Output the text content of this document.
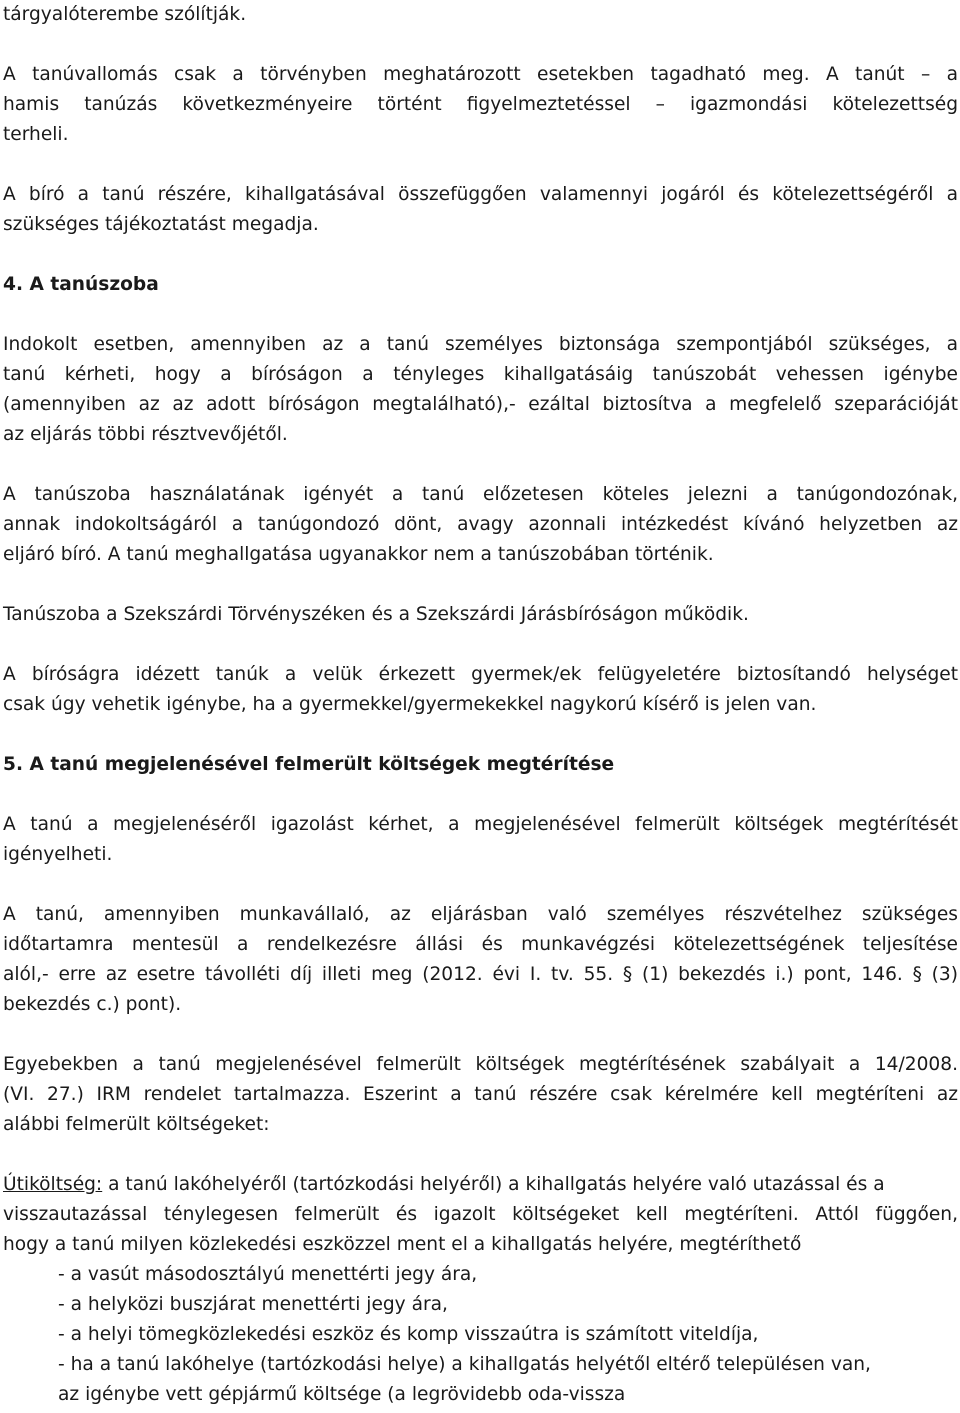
tárgyalóterembe szólítják.
A tanúvallomás csak a törvényben meghatározott esetekben tagadható meg. A tanút – a
hamis tanúzás következményeire történt figyelmeztetéssel – igazmondási kötelezettség
terheli.
A bíró a tanú részére, kihallgatásával összefüggően valamennyi jogáról és kötelezettségéről a
szükséges tájékoztatást megadja.
4. A tanúszoba
Indokolt esetben, amennyiben az a tanú személyes biztonsága szempontjából szükséges, a
tanú kérheti, hogy a bíróságon a tényleges kihallgatásáig tanúszobát vehessen igénybe
(amennyiben az az adott bíróságon megtalálható),- ezáltal biztosítva a megfelelő szeparációját
az eljárás többi résztvevőjétől.
A tanúszoba használatának igényét a tanú előzetesen köteles jelezni a tanúgondozónak,
annak indokoltságáról a tanúgondozó dönt, avagy azonnali intézkedést kívánó helyzetben az
eljáró bíró. A tanú meghallgatása ugyanakkor nem a tanúszobában történik.
Tanúszoba a Szekszárdi Törvényszéken és a Szekszárdi Járásbíróságon működik.
A bíróságra idézett tanúk a velük érkezett gyermek/ek felügyeletére biztosítandó helységet
csak úgy vehetik igénybe, ha a gyermekkel/gyermekekkel nagykorú kísérő is jelen van.
5. A tanú megjelenésével felmerült költségek megtérítése
A tanú a megjelenéséről igazolást kérhet, a megjelenésével felmerült költségek megtérítését
igényelheti.
A tanú, amennyiben munkavállaló, az eljárásban való személyes részvételhez szükséges
időtartamra mentesül a rendelkezésre állási és munkavégzési kötelezettségének teljesítése
alól,- erre az esetre távolléti díj illeti meg (2012. évi I. tv. 55. § (1) bekezdés i.) pont, 146. § (3)
bekezdés c.) pont).
Egyebekben a tanú megjelenésével felmerült költségek megtérítésének szabályait a 14/2008.
(VI. 27.) IRM rendelet tartalmazza. Eszerint a tanú részére csak kérelmére kell megtéríteni az
alábbi felmerült költségeket:
Útiköltség: a tanú lakóhelyéről (tartózkodási helyéről) a kihallgatás helyére való utazással és a
visszautazással ténylegesen felmerült és igazolt költségeket kell megtéríteni. Attól függően,
hogy a tanú milyen közlekedési eszközzel ment el a kihallgatás helyére, megtéríthető
- a vasút másodosztályú menettérti jegy ára,
- a helyközi buszjárat menettérti jegy ára,
- a helyi tömegközlekedési eszköz és komp visszaútra is számított viteldíja,
- ha a tanú lakóhelye (tartózkodási helye) a kihallgatás helyétől eltérő településen van,
az igénybe vett gépjármű költsége (a legrövidebb oda-vissza
